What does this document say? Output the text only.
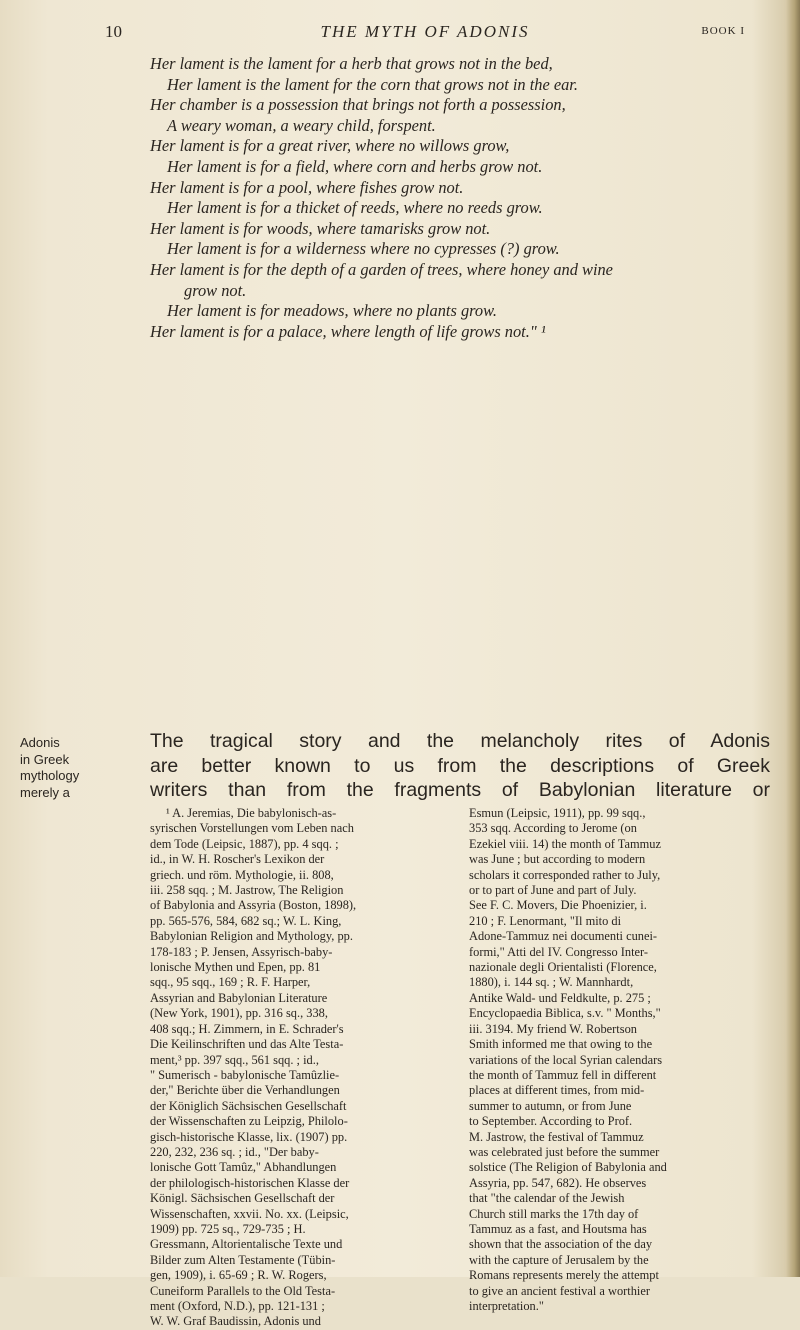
10	THE MYTH OF ADONIS	BOOK I
Her lament is the lament for a herb that grows not in the bed,
Her lament is the lament for the corn that grows not in the ear.
Her chamber is a possession that brings not forth a possession,
A weary woman, a weary child, forspent.
Her lament is for a great river, where no willows grow,
Her lament is for a field, where corn and herbs grow not.
Her lament is for a pool, where fishes grow not.
Her lament is for a thicket of reeds, where no reeds grow.
Her lament is for woods, where tamarisks grow not.
Her lament is for a wilderness where no cypresses (?) grow.
Her lament is for the depth of a garden of trees, where honey and wine
grow not.
Her lament is for meadows, where no plants grow.
Her lament is for a palace, where length of life grows not." ¹
Adonis
in Greek
mythology
merely a
The tragical story and the melancholy rites of Adonis
are better known to us from the descriptions of Greek
writers than from the fragments of Babylonian literature or
¹ A. Jeremias, Die babylonisch-as-
syrischen Vorstellungen vom Leben nach
dem Tode (Leipsic, 1887), pp. 4 sqq. ;
id., in W. H. Roscher's Lexikon der
griech. und röm. Mythologie, ii. 808,
iii. 258 sqq. ; M. Jastrow, The Religion
of Babylonia and Assyria (Boston, 1898),
pp. 565-576, 584, 682 sq.; W. L. King,
Babylonian Religion and Mythology, pp.
178-183 ; P. Jensen, Assyrisch-baby-
lonische Mythen und Epen, pp. 81
sqq., 95 sqq., 169 ; R. F. Harper,
Assyrian and Babylonian Literature
(New York, 1901), pp. 316 sq., 338,
408 sqq.; H. Zimmern, in E. Schrader's
Die Keilinschriften und das Alte Testa-
ment,³ pp. 397 sqq., 561 sqq. ; id.,
" Sumerisch - babylonische Tamûzlie-
der," Berichte über die Verhandlungen
der Königlich Sächsischen Gesellschaft
der Wissenschaften zu Leipzig, Philolo-
gisch-historische Klasse, lix. (1907) pp.
220, 232, 236 sq. ; id., "Der baby-
lonische Gott Tamûz," Abhandlungen
der philologisch-historischen Klasse der
Königl. Sächsischen Gesellschaft der
Wissenschaften, xxvii. No. xx. (Leipsic,
1909) pp. 725 sq., 729-735 ; H.
Gressmann, Altorientalische Texte und
Bilder zum Alten Testamente (Tübin-
gen, 1909), i. 65-69 ; R. W. Rogers,
Cuneiform Parallels to the Old Testa-
ment (Oxford, N.D.), pp. 121-131 ;
W. W. Graf Baudissin, Adonis und
Esmun (Leipsic, 1911), pp. 99 sqq.,
353 sqq. According to Jerome (on
Ezekiel viii. 14) the month of Tammuz
was June ; but according to modern
scholars it corresponded rather to July,
or to part of June and part of July.
See F. C. Movers, Die Phoenizier, i.
210 ; F. Lenormant, "Il mito di
Adone-Tammuz nei documenti cunei-
formi," Atti del IV. Congresso Inter-
nazionale degli Orientalisti (Florence,
1880), i. 144 sq. ; W. Mannhardt,
Antike Wald- und Feldkulte, p. 275 ;
Encyclopaedia Biblica, s.v. " Months,"
iii. 3194. My friend W. Robertson
Smith informed me that owing to the
variations of the local Syrian calendars
the month of Tammuz fell in different
places at different times, from mid-
summer to autumn, or from June
to September. According to Prof.
M. Jastrow, the festival of Tammuz
was celebrated just before the summer
solstice (The Religion of Babylonia and
Assyria, pp. 547, 682). He observes
that "the calendar of the Jewish
Church still marks the 17th day of
Tammuz as a fast, and Houtsma has
shown that the association of the day
with the capture of Jerusalem by the
Romans represents merely the attempt
to give an ancient festival a worthier
interpretation."
